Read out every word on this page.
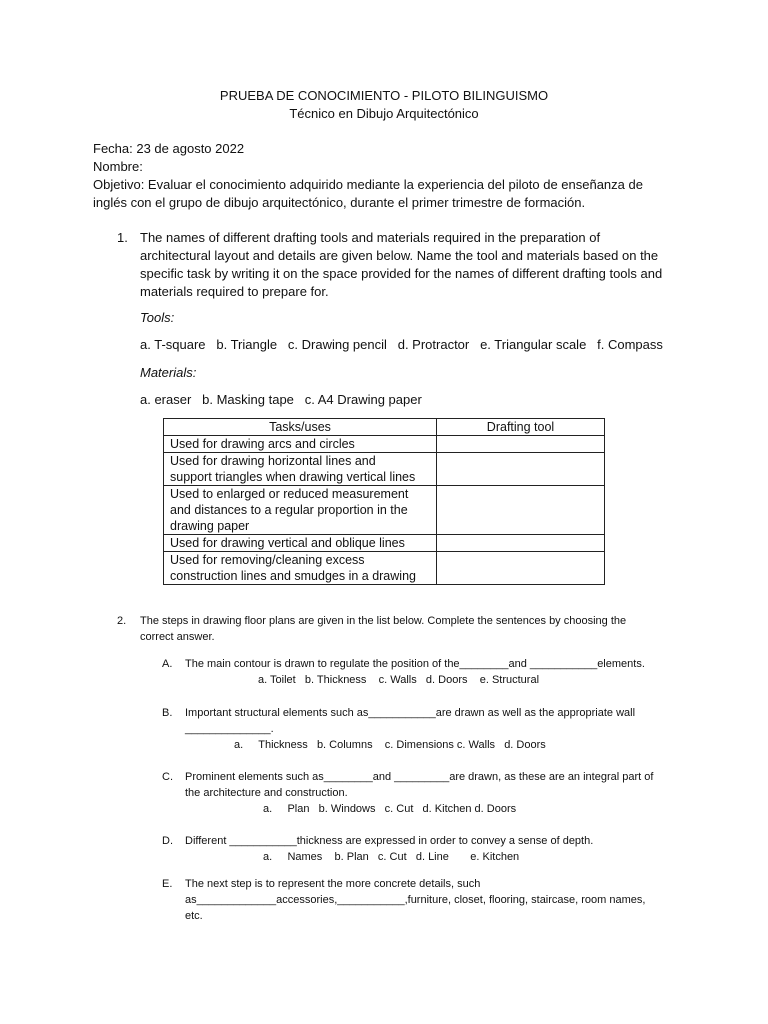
PRUEBA DE CONOCIMIENTO - PILOTO BILINGUISMO
Técnico en Dibujo Arquitectónico
Fecha: 23 de agosto 2022
Nombre:
Objetivo: Evaluar el conocimiento adquirido mediante la experiencia del piloto de enseñanza de
inglés con el grupo de dibujo arquitectónico, durante el primer trimestre de formación.
1. The names of different drafting tools and materials required in the preparation of
architectural layout and details are given below. Name the tool and materials based on the
specific task by writing it on the space provided for the names of different drafting tools and
materials required to prepare for.
Tools:
a. T-square   b. Triangle   c. Drawing pencil   d. Protractor   e. Triangular scale   f. Compass
Materials:
a. eraser   b. Masking tape   c. A4 Drawing paper
Tasks/uses	Drafting tool
Used for drawing arcs and circles	
Used for drawing horizontal lines and
support triangles when drawing vertical lines	
Used to enlarged or reduced measurement
and distances to a regular proportion in the
drawing paper	
Used for drawing vertical and oblique lines	
Used for removing/cleaning excess
construction lines and smudges in a drawing	
2. The steps in drawing floor plans are given in the list below. Complete the sentences by choosing the
correct answer.
A. The main contour is drawn to regulate the position of the________and ___________elements.
a. Toilet   b. Thickness    c. Walls   d. Doors    e. Structural
B. Important structural elements such as___________are drawn as well as the appropriate wall
______________.
a.     Thickness   b. Columns    c. Dimensions c. Walls   d. Doors
C. Prominent elements such as________and _________are drawn, as these are an integral part of
the architecture and construction.
a.     Plan   b. Windows   c. Cut   d. Kitchen d. Doors
D. Different ___________thickness are expressed in order to convey a sense of depth.
a.     Names    b. Plan   c. Cut   d. Line       e. Kitchen
E. The next step is to represent the more concrete details, such
as_____________accessories,___________,furniture, closet, flooring, staircase, room names,
etc.
